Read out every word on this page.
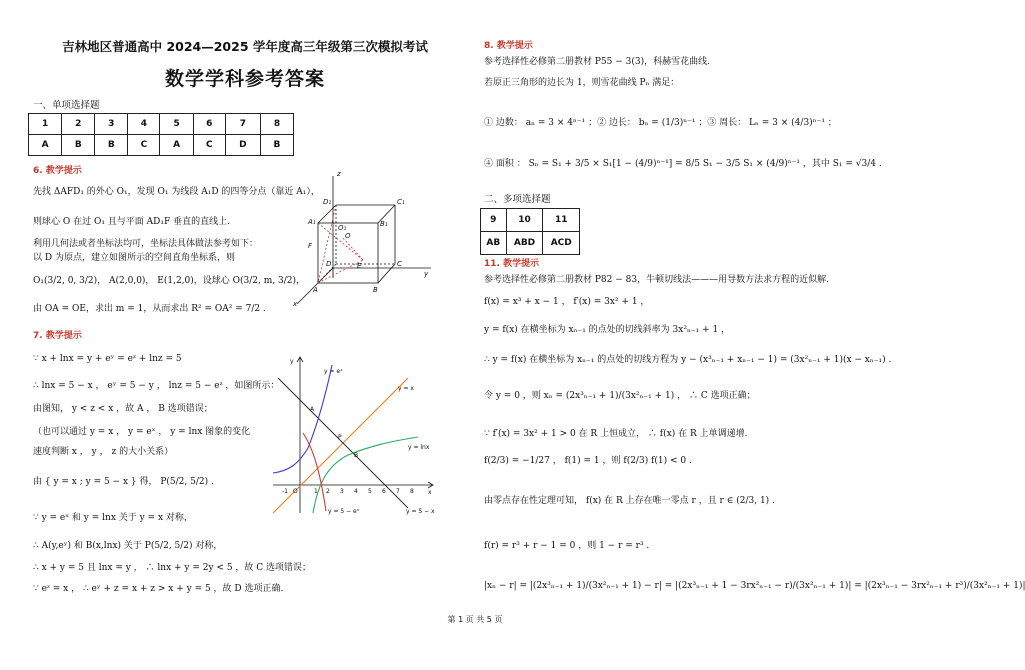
吉林地区普通高中 2024—2025 学年度高三年级第三次模拟考试
数学学科参考答案
一、单项选择题
1	2	3	4	5	6	7	8
A	B	B	C	A	C	D	B
6. 教学提示
先找 ΔAFD₁ 的外心 O₁，发现 O₁ 为线段 A₁D 的四等分点（靠近 A₁），
则球心 O 在过 O₁ 且与平面 AD₁F 垂直的直线上.
利用几何法或者坐标法均可，坐标法具体做法参考如下：
以 D 为原点，建立如图所示的空间直角坐标系，则
O₁(3/2, 0, 3/2)， A(2,0,0)， E(1,2,0)，设球心 O(3/2, m, 3/2)，
由 OA = OE，求出 m = 1，从而求出 R² = OA² = 7/2 .
z
y
x
D₁	C₁
A₁	B₁
O₁
O
D	C
A
E
B
F
7. 教学提示
∵ x + lnx = y + eʸ = eᶻ + lnz = 5
∴ lnx = 5 − x ， eʸ = 5 − y ， lnz = 5 − eᶻ ，如图所示：
由图知， y < z < x ，故 A ， B 选项错误；
（也可以通过 y = x ， y = eˣ ， y = lnx 图象的变化
速度判断 x ， y ， z 的大小关系）
由 { y = x ; y = 5 − x } 得， P(5/2, 5/2) .
∵ y = eˣ 和 y = lnx 关于 y = x 对称，
∴ A(y,eʸ) 和 B(x,lnx) 关于 P(5/2, 5/2) 对称，
∴ x + y = 5 且 lnx = y ， ∴ lnx + y = 2y < 5 ，故 C 选项错误；
∵ eᶻ = x ， ∴ eʸ + z = x + z > x + y = 5 ，故 D 选项正确.
y
y = eˣ
y = x
y = lnx
y = 5 − x
y = 5 − eˣ
A
P
B
x
-1 O	1 2 3 4 5 6 7 8
8. 教学提示
参考选择性必修第二册教材 P55 − 3(3)，科赫雪花曲线.
若原正三角形的边长为 1，则雪花曲线 Pₙ 满足：
① 边数： aₙ = 3 × 4ⁿ⁻¹ ；② 边长： bₙ = (1/3)ⁿ⁻¹ ；③ 周长： Lₙ = 3 × (4/3)ⁿ⁻¹ ；
④ 面积 ： Sₙ = S₁ + 3/5 × S₁[1 − (4/9)ⁿ⁻¹] = 8/5 S₁ − 3/5 S₁ × (4/9)ⁿ⁻¹ ，其中 S₁ = √3/4 .
二、多项选择题
9	10	11
AB	ABD	ACD
11. 教学提示
参考选择性必修第二册教材 P82 − 83，牛顿切线法———用导数方法求方程的近似解.
f(x) = x³ + x − 1 ， f′(x) = 3x² + 1 ，
y = f(x) 在横坐标为 xₙ₋₁ 的点处的切线斜率为 3x²ₙ₋₁ + 1 ，
∴ y = f(x) 在横坐标为 xₙ₋₁ 的点处的切线方程为 y − (x³ₙ₋₁ + xₙ₋₁ − 1) = (3x²ₙ₋₁ + 1)(x − xₙ₋₁) .
令 y = 0 ，则 xₙ = (2x³ₙ₋₁ + 1)/(3x²ₙ₋₁ + 1) ， ∴ C 选项正确；
∵ f′(x) = 3x² + 1 > 0 在 R 上恒成立， ∴ f(x) 在 R 上单调递增.
f(2/3) = −1/27 ， f(1) = 1 ，则 f(2/3) f(1) < 0 .
由零点存在性定理可知， f(x) 在 R 上存在唯一零点 r ，且 r ∈ (2/3, 1) .
f(r) = r³ + r − 1 = 0 ，则 1 − r = r³ .
|xₙ − r| = |(2x³ₙ₋₁ + 1)/(3x²ₙ₋₁ + 1) − r| = |(2x³ₙ₋₁ + 1 − 3rx²ₙ₋₁ − r)/(3x²ₙ₋₁ + 1)| = |(2x³ₙ₋₁ − 3rx²ₙ₋₁ + r³)/(3x²ₙ₋₁ + 1)|
第 1 页 共 5 页
